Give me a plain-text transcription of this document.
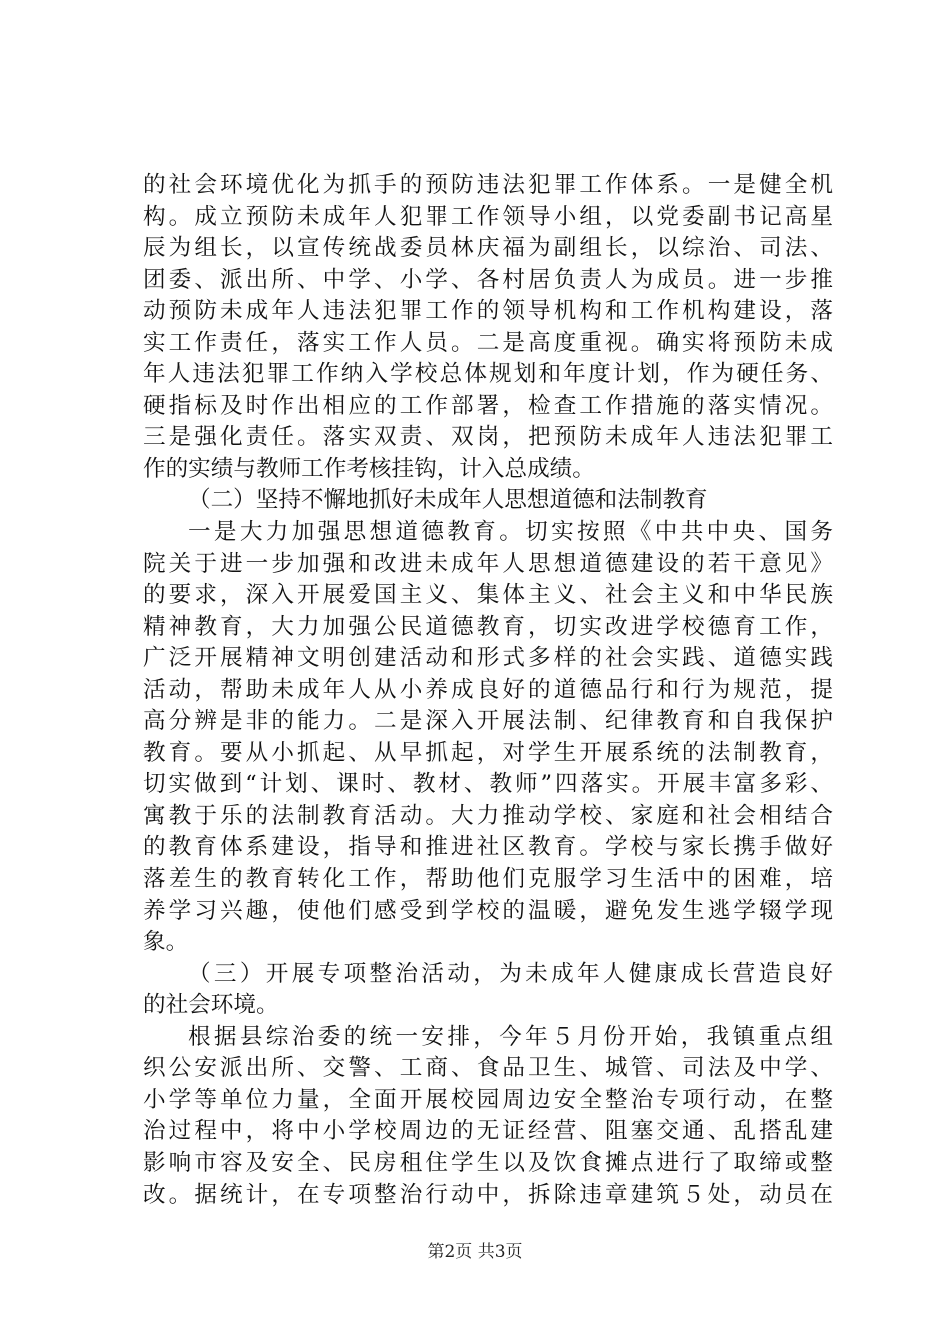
的社会环境优化为抓手的预防违法犯罪工作体系。一是健全机
构。成立预防未成年人犯罪工作领导小组，以党委副书记高星
辰为组长，以宣传统战委员林庆福为副组长，以综治、司法、
团委、派出所、中学、小学、各村居负责人为成员。进一步推
动预防未成年人违法犯罪工作的领导机构和工作机构建设，落
实工作责任，落实工作人员。二是高度重视。确实将预防未成
年人违法犯罪工作纳入学校总体规划和年度计划，作为硬任务、
硬指标及时作出相应的工作部署，检查工作措施的落实情况。
三是强化责任。落实双责、双岗，把预防未成年人违法犯罪工
作的实绩与教师工作考核挂钩，计入总成绩。
（二）坚持不懈地抓好未成年人思想道德和法制教育
一是大力加强思想道德教育。切实按照《中共中央、国务
院关于进一步加强和改进未成年人思想道德建设的若干意见》
的要求，深入开展爱国主义、集体主义、社会主义和中华民族
精神教育，大力加强公民道德教育，切实改进学校德育工作，
广泛开展精神文明创建活动和形式多样的社会实践、道德实践
活动，帮助未成年人从小养成良好的道德品行和行为规范，提
高分辨是非的能力。二是深入开展法制、纪律教育和自我保护
教育。要从小抓起、从早抓起，对学生开展系统的法制教育，
切实做到“计划、课时、教材、教师”四落实。开展丰富多彩、
寓教于乐的法制教育活动。大力推动学校、家庭和社会相结合
的教育体系建设，指导和推进社区教育。学校与家长携手做好
落差生的教育转化工作，帮助他们克服学习生活中的困难，培
养学习兴趣，使他们感受到学校的温暖，避免发生逃学辍学现
象。
（三）开展专项整治活动，为未成年人健康成长营造良好
的社会环境。
根据县综治委的统一安排，今年５月份开始，我镇重点组
织公安派出所、交警、工商、食品卫生、城管、司法及中学、
小学等单位力量，全面开展校园周边安全整治专项行动，在整
治过程中，将中小学校周边的无证经营、阻塞交通、乱搭乱建
影响市容及安全、民房租住学生以及饮食摊点进行了取缔或整
改。据统计，在专项整治行动中，拆除违章建筑５处，动员在
第2页 共3页
